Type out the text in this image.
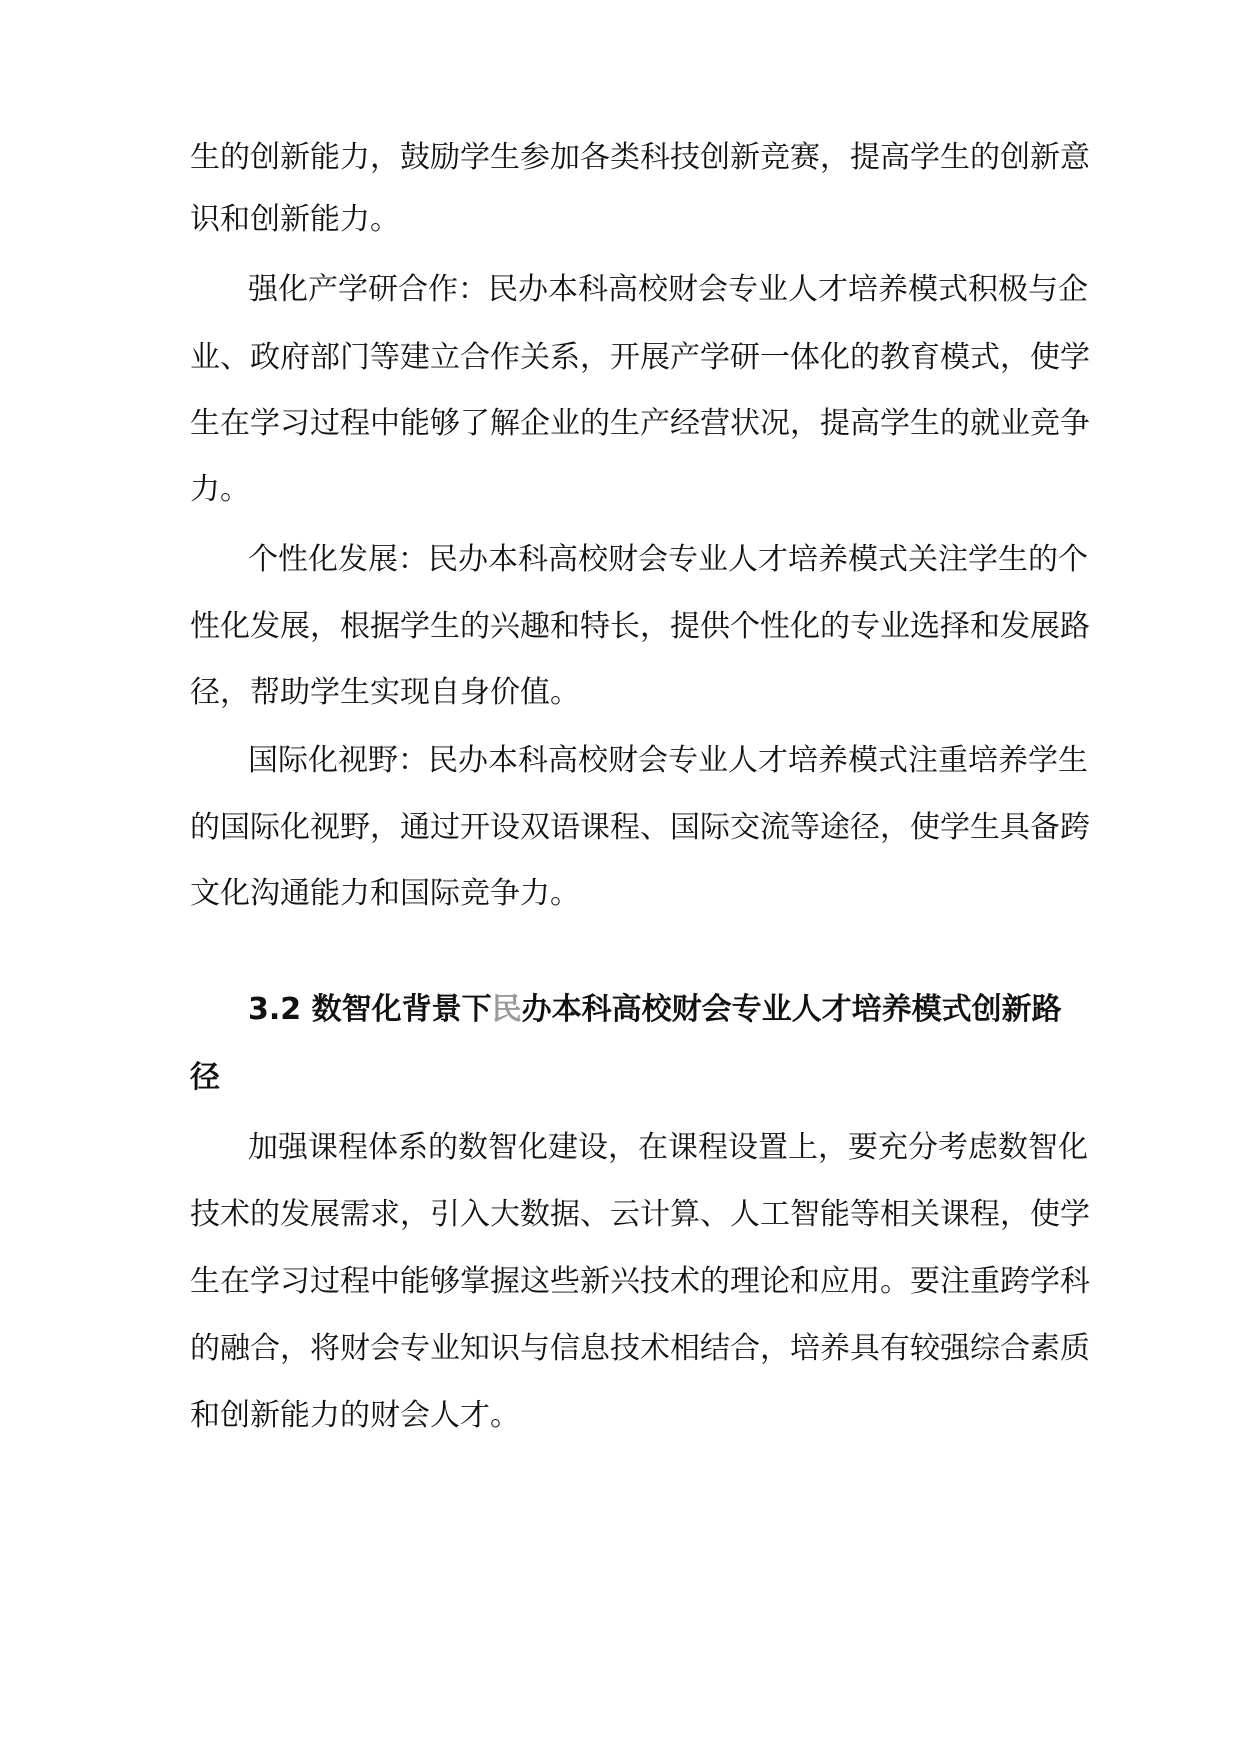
生的创新能力，鼓励学生参加各类科技创新竞赛，提高学生的创新意
识和创新能力。
强化产学研合作：民办本科高校财会专业人才培养模式积极与企
业、政府部门等建立合作关系，开展产学研一体化的教育模式，使学
生在学习过程中能够了解企业的生产经营状况，提高学生的就业竞争
力。
个性化发展：民办本科高校财会专业人才培养模式关注学生的个
性化发展，根据学生的兴趣和特长，提供个性化的专业选择和发展路
径，帮助学生实现自身价值。
国际化视野：民办本科高校财会专业人才培养模式注重培养学生
的国际化视野，通过开设双语课程、国际交流等途径，使学生具备跨
文化沟通能力和国际竞争力。
3.2 数智化背景下民办本科高校财会专业人才培养模式创新路
径
加强课程体系的数智化建设，在课程设置上，要充分考虑数智化
技术的发展需求，引入大数据、云计算、人工智能等相关课程，使学
生在学习过程中能够掌握这些新兴技术的理论和应用。要注重跨学科
的融合，将财会专业知识与信息技术相结合，培养具有较强综合素质
和创新能力的财会人才。
